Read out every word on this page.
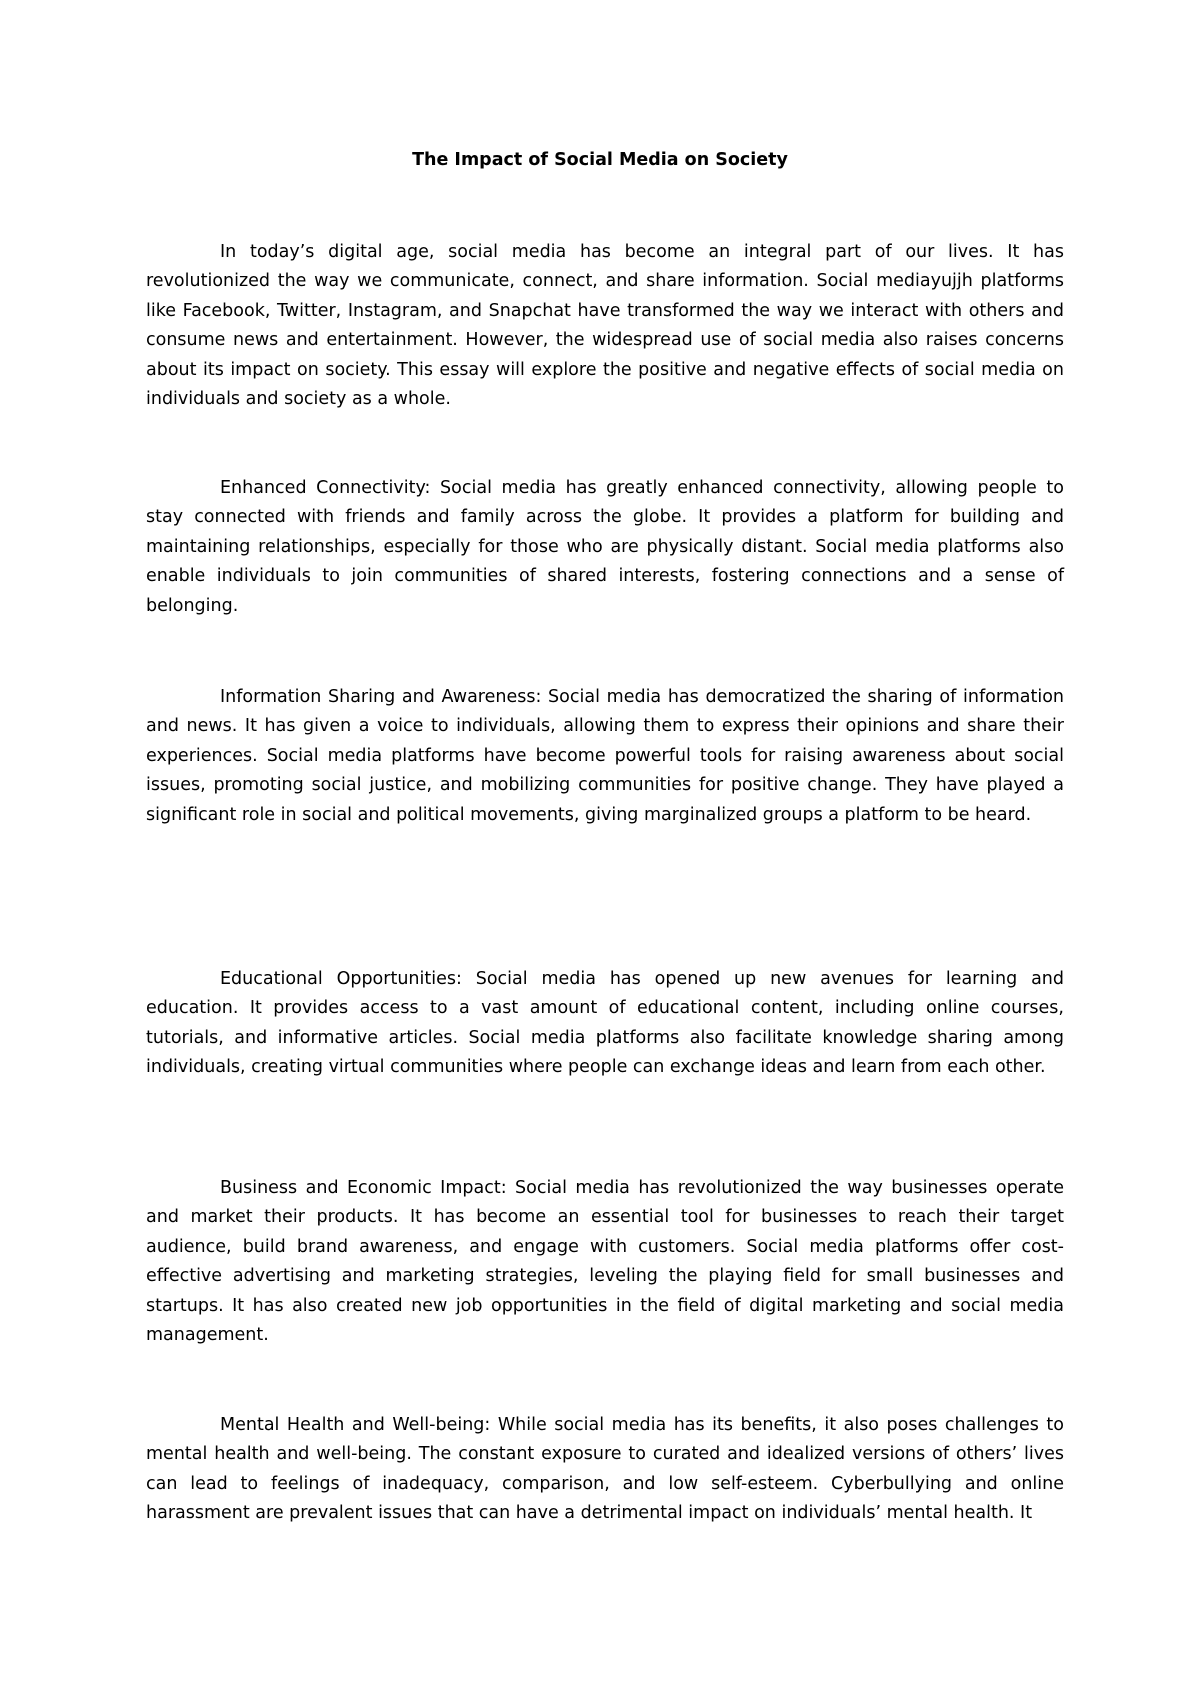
The Impact of Social Media on Society

In today’s digital age, social media has become an integral part of our lives. It has revolutionized the way we communicate, connect, and share information. Social mediayujjh platforms like Facebook, Twitter, Instagram, and Snapchat have transformed the way we interact with others and consume news and entertainment. However, the widespread use of social media also raises concerns about its impact on society. This essay will explore the positive and negative effects of social media on individuals and society as a whole.

Enhanced Connectivity: Social media has greatly enhanced connectivity, allowing people to stay connected with friends and family across the globe. It provides a platform for building and maintaining relationships, especially for those who are physically distant. Social media platforms also enable individuals to join communities of shared interests, fostering connections and a sense of belonging.

Information Sharing and Awareness: Social media has democratized the sharing of information and news. It has given a voice to individuals, allowing them to express their opinions and share their experiences. Social media platforms have become powerful tools for raising awareness about social issues, promoting social justice, and mobilizing communities for positive change. They have played a significant role in social and political movements, giving marginalized groups a platform to be heard.

Educational Opportunities: Social media has opened up new avenues for learning and education. It provides access to a vast amount of educational content, including online courses, tutorials, and informative articles. Social media platforms also facilitate knowledge sharing among individuals, creating virtual communities where people can exchange ideas and learn from each other.

Business and Economic Impact: Social media has revolutionized the way businesses operate and market their products. It has become an essential tool for businesses to reach their target audience, build brand awareness, and engage with customers. Social media platforms offer cost-effective advertising and marketing strategies, leveling the playing field for small businesses and startups. It has also created new job opportunities in the field of digital marketing and social media management.

Mental Health and Well-being: While social media has its benefits, it also poses challenges to mental health and well-being. The constant exposure to curated and idealized versions of others’ lives can lead to feelings of inadequacy, comparison, and low self-esteem. Cyberbullying and online harassment are prevalent issues that can have a detrimental impact on individuals’ mental health. It
